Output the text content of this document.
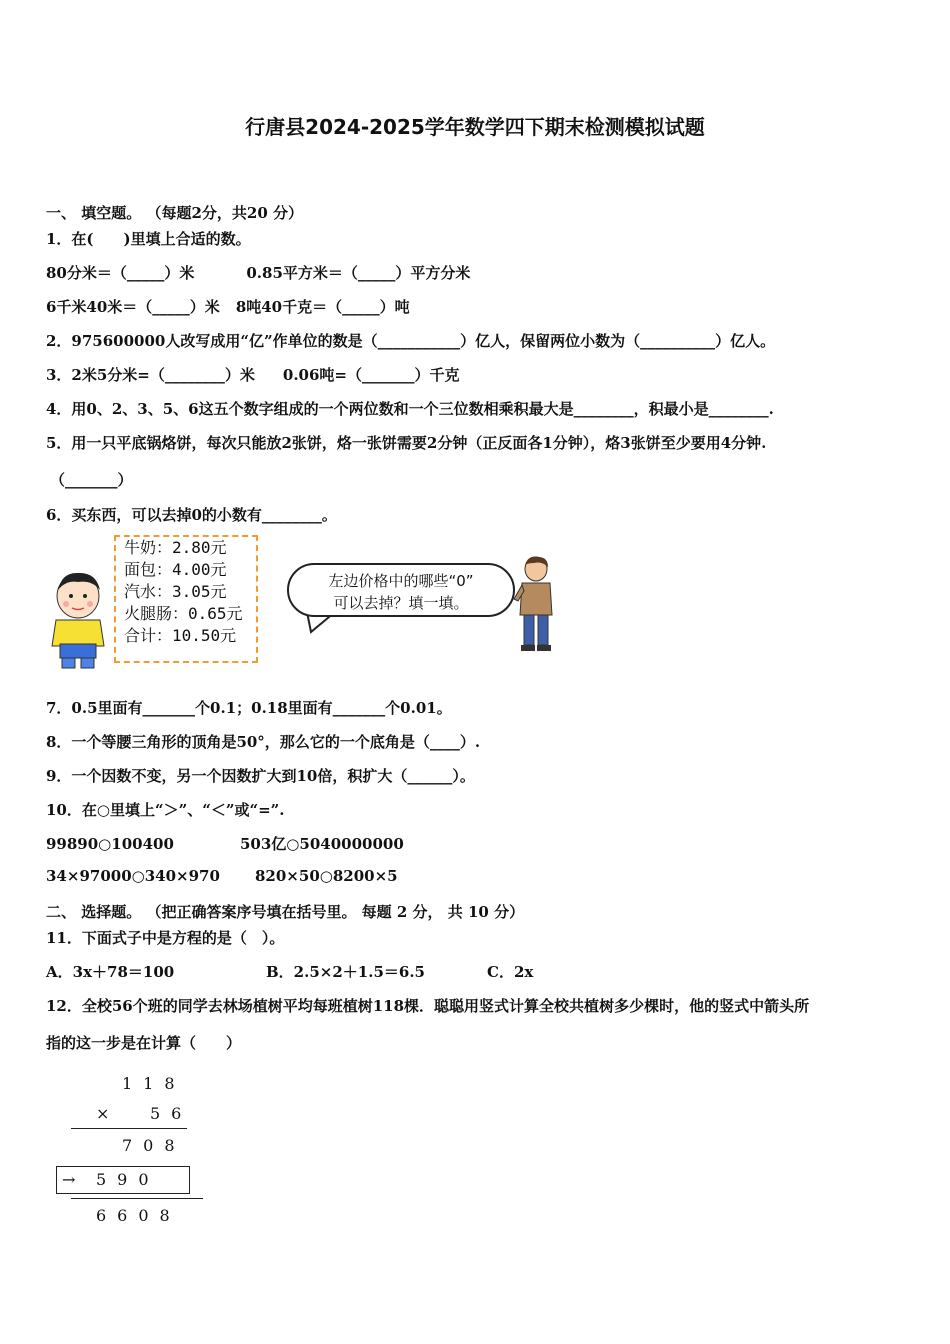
行唐县2024-2025学年数学四下期末检测模拟试题
一、 填空题。 （每题2分，共20 分）
1．在(　　)里填上合适的数。
80分米＝（_____）米	0.85平方米＝（_____）平方分米
6千米40米＝（_____）米 8吨40千克＝（_____）吨
2．975600000人改写成用“亿”作单位的数是（___________）亿人，保留两位小数为（__________）亿人。
3．2米5分米=（________）米 0.06吨=（_______）千克
4．用0、2、3、5、6这五个数字组成的一个两位数和一个三位数相乘积最大是________，积最小是________.
5．用一只平底锅烙饼，每次只能放2张饼，烙一张饼需要2分钟（正反面各1分钟），烙3张饼至少要用4分钟.
（_______）
6．买东西，可以去掉0的小数有________。
牛奶：2.80元
面包：4.00元
汽水：3.05元
火腿肠：0.65元
合计：10.50元
左边价格中的哪些“0”
可以去掉？填一填。
7．0.5里面有_______个0.1；0.18里面有_______个0.01。
8．一个等腰三角形的顶角是50°，那么它的一个底角是（____）.
9．一个因数不变，另一个因数扩大到10倍，积扩大（______）。
10．在○里填上“＞”、“＜”或“=”.
99890○100400	503亿○5040000000
34×97000○340×970 820×50○8200×5
二、 选择题。 （把正确答案序号填在括号里。 每题 2 分， 共 10 分）
11．下面式子中是方程的是（　）。
A．3x＋78＝100	B．2.5×2＋1.5＝6.5	C．2x
12．全校56个班的同学去林场植树平均每班植树118棵．聪聪用竖式计算全校共植树多少棵时，他的竖式中箭头所
指的这一步是在计算（　　）
118
× 56
708
→ 590
6608
